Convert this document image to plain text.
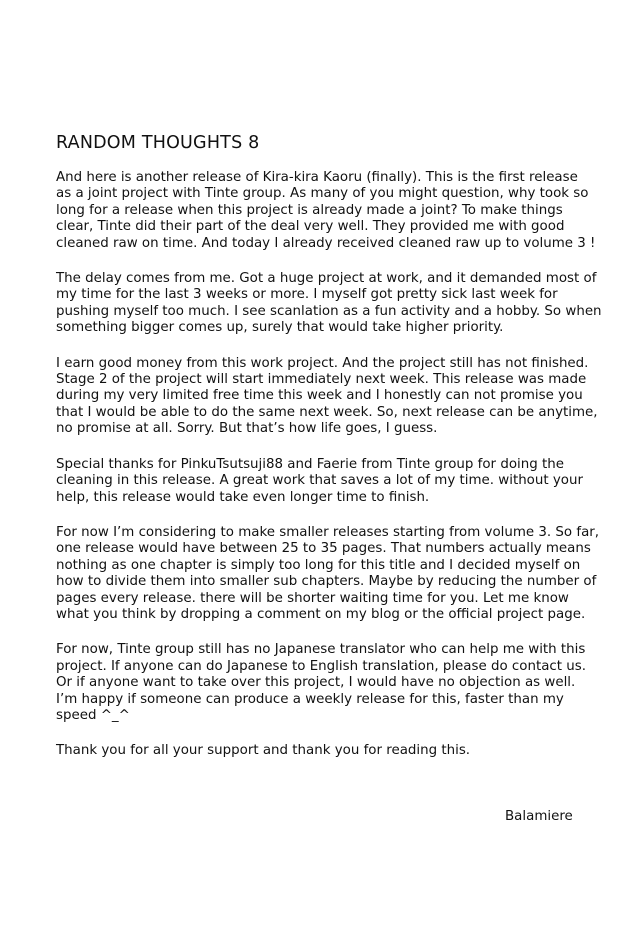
RANDOM THOUGHTS 8

And here is another release of Kira-kira Kaoru (finally). This is the first release
as a joint project with Tinte group. As many of you might question, why took so
long for a release when this project is already made a joint? To make things
clear, Tinte did their part of the deal very well. They provided me with good
cleaned raw on time. And today I already received cleaned raw up to volume 3 !

The delay comes from me. Got a huge project at work, and it demanded most of
my time for the last 3 weeks or more. I myself got pretty sick last week for
pushing myself too much. I see scanlation as a fun activity and a hobby. So when
something bigger comes up, surely that would take higher priority.

I earn good money from this work project. And the project still has not finished.
Stage 2 of the project will start immediately next week. This release was made
during my very limited free time this week and I honestly can not promise you
that I would be able to do the same next week. So, next release can be anytime,
no promise at all. Sorry. But that’s how life goes, I guess.

Special thanks for PinkuTsutsuji88 and Faerie from Tinte group for doing the
cleaning in this release. A great work that saves a lot of my time. without your
help, this release would take even longer time to finish.

For now I’m considering to make smaller releases starting from volume 3. So far,
one release would have between 25 to 35 pages. That numbers actually means
nothing as one chapter is simply too long for this title and I decided myself on
how to divide them into smaller sub chapters. Maybe by reducing the number of
pages every release. there will be shorter waiting time for you. Let me know
what you think by dropping a comment on my blog or the official project page.

For now, Tinte group still has no Japanese translator who can help me with this
project. If anyone can do Japanese to English translation, please do contact us.
Or if anyone want to take over this project, I would have no objection as well.
I’m happy if someone can produce a weekly release for this, faster than my
speed ^_^

Thank you for all your support and thank you for reading this.

Balamiere
